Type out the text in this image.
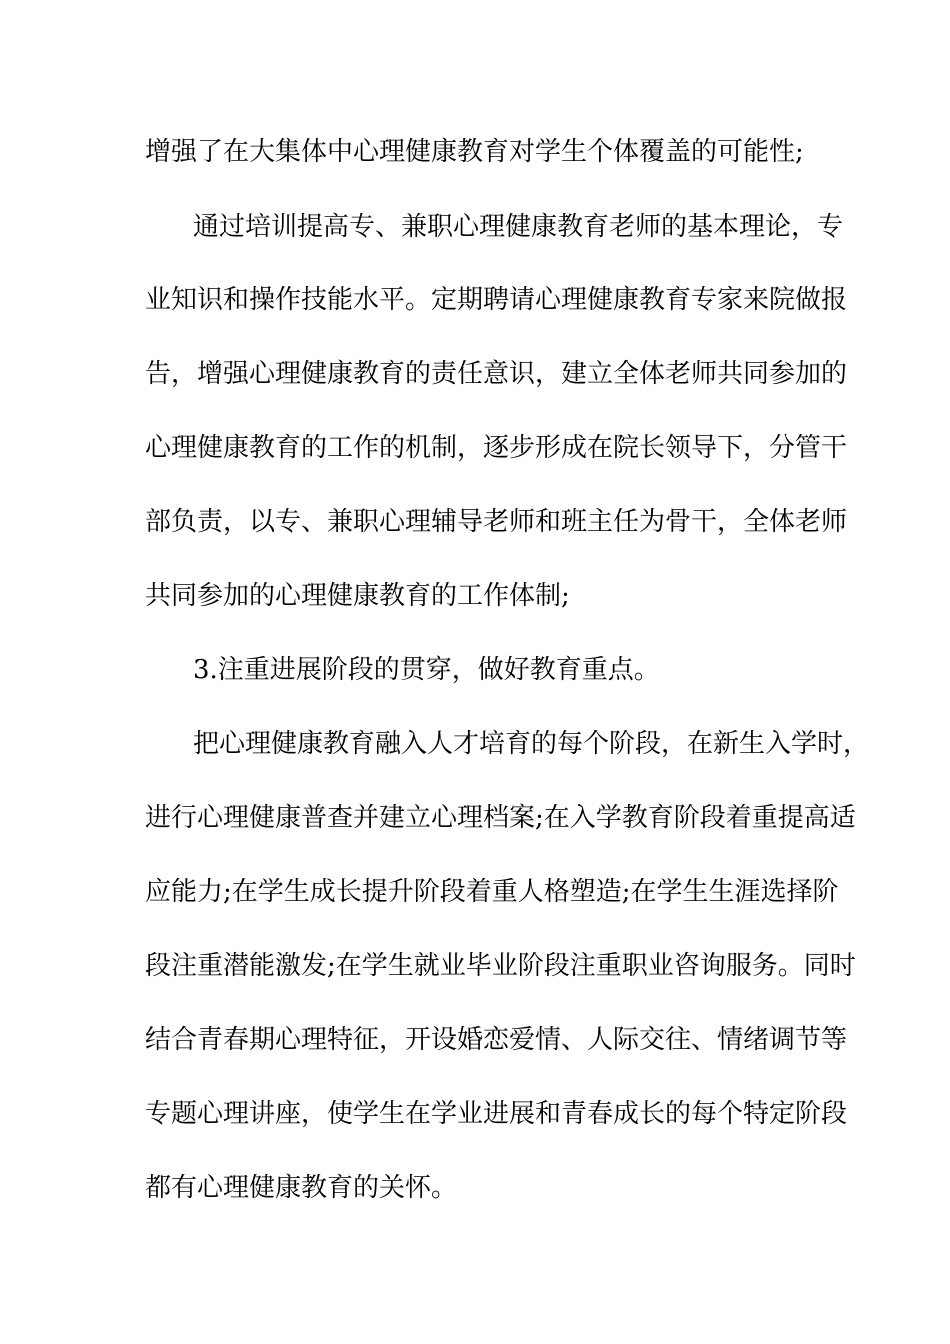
增强了在大集体中心理健康教育对学生个体覆盖的可能性;
通过培训提高专、兼职心理健康教育老师的基本理论，专
业知识和操作技能水平。定期聘请心理健康教育专家来院做报
告，增强心理健康教育的责任意识，建立全体老师共同参加的
心理健康教育的工作的机制，逐步形成在院长领导下，分管干
部负责，以专、兼职心理辅导老师和班主任为骨干，全体老师
共同参加的心理健康教育的工作体制;
3.注重进展阶段的贯穿，做好教育重点。
把心理健康教育融入人才培育的每个阶段，在新生入学时，
进行心理健康普查并建立心理档案;在入学教育阶段着重提高适
应能力;在学生成长提升阶段着重人格塑造;在学生生涯选择阶
段注重潜能激发;在学生就业毕业阶段注重职业咨询服务。同时
结合青春期心理特征，开设婚恋爱情、人际交往、情绪调节等
专题心理讲座，使学生在学业进展和青春成长的每个特定阶段
都有心理健康教育的关怀。
